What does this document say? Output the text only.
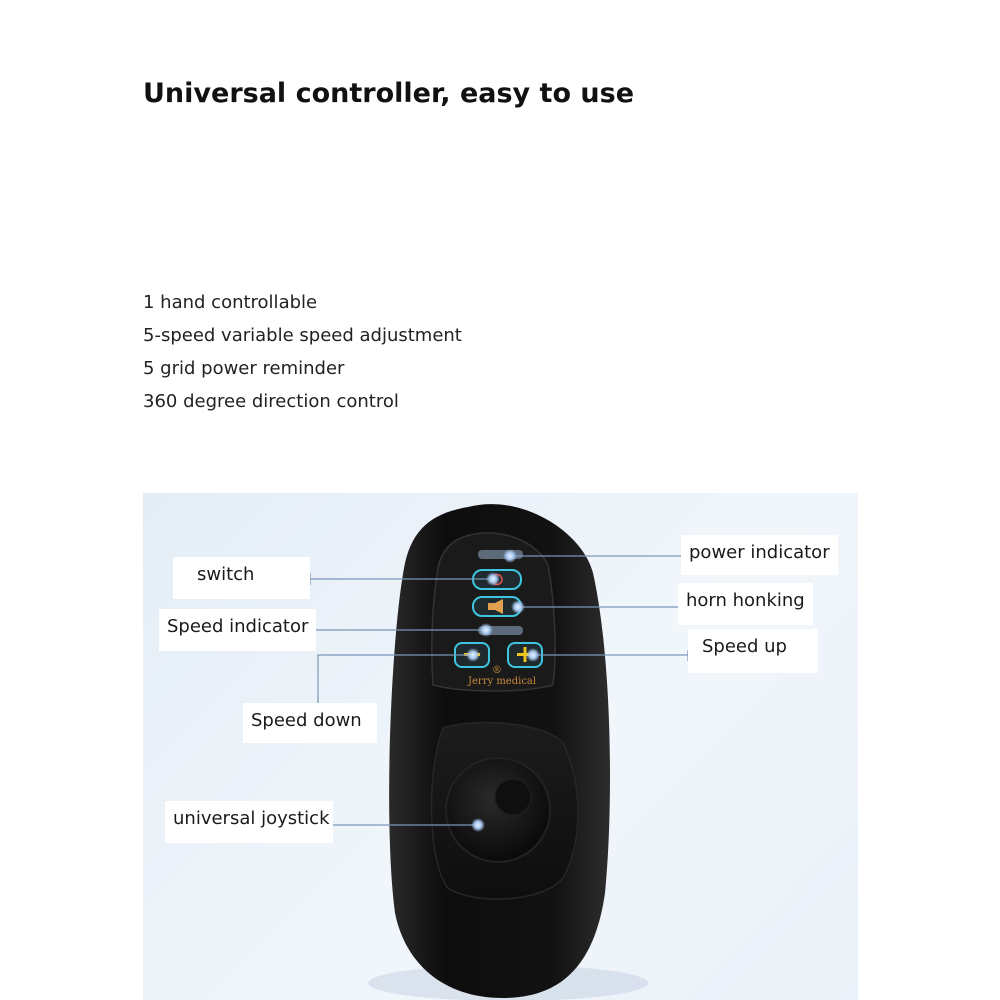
Universal controller, easy to use
1 hand controllable
5-speed variable speed adjustment
5 grid power reminder
360 degree direction control
Jerry medical
®
power indicator
switch
horn honking
Speed indicator
Speed up
Speed down
universal joystick
